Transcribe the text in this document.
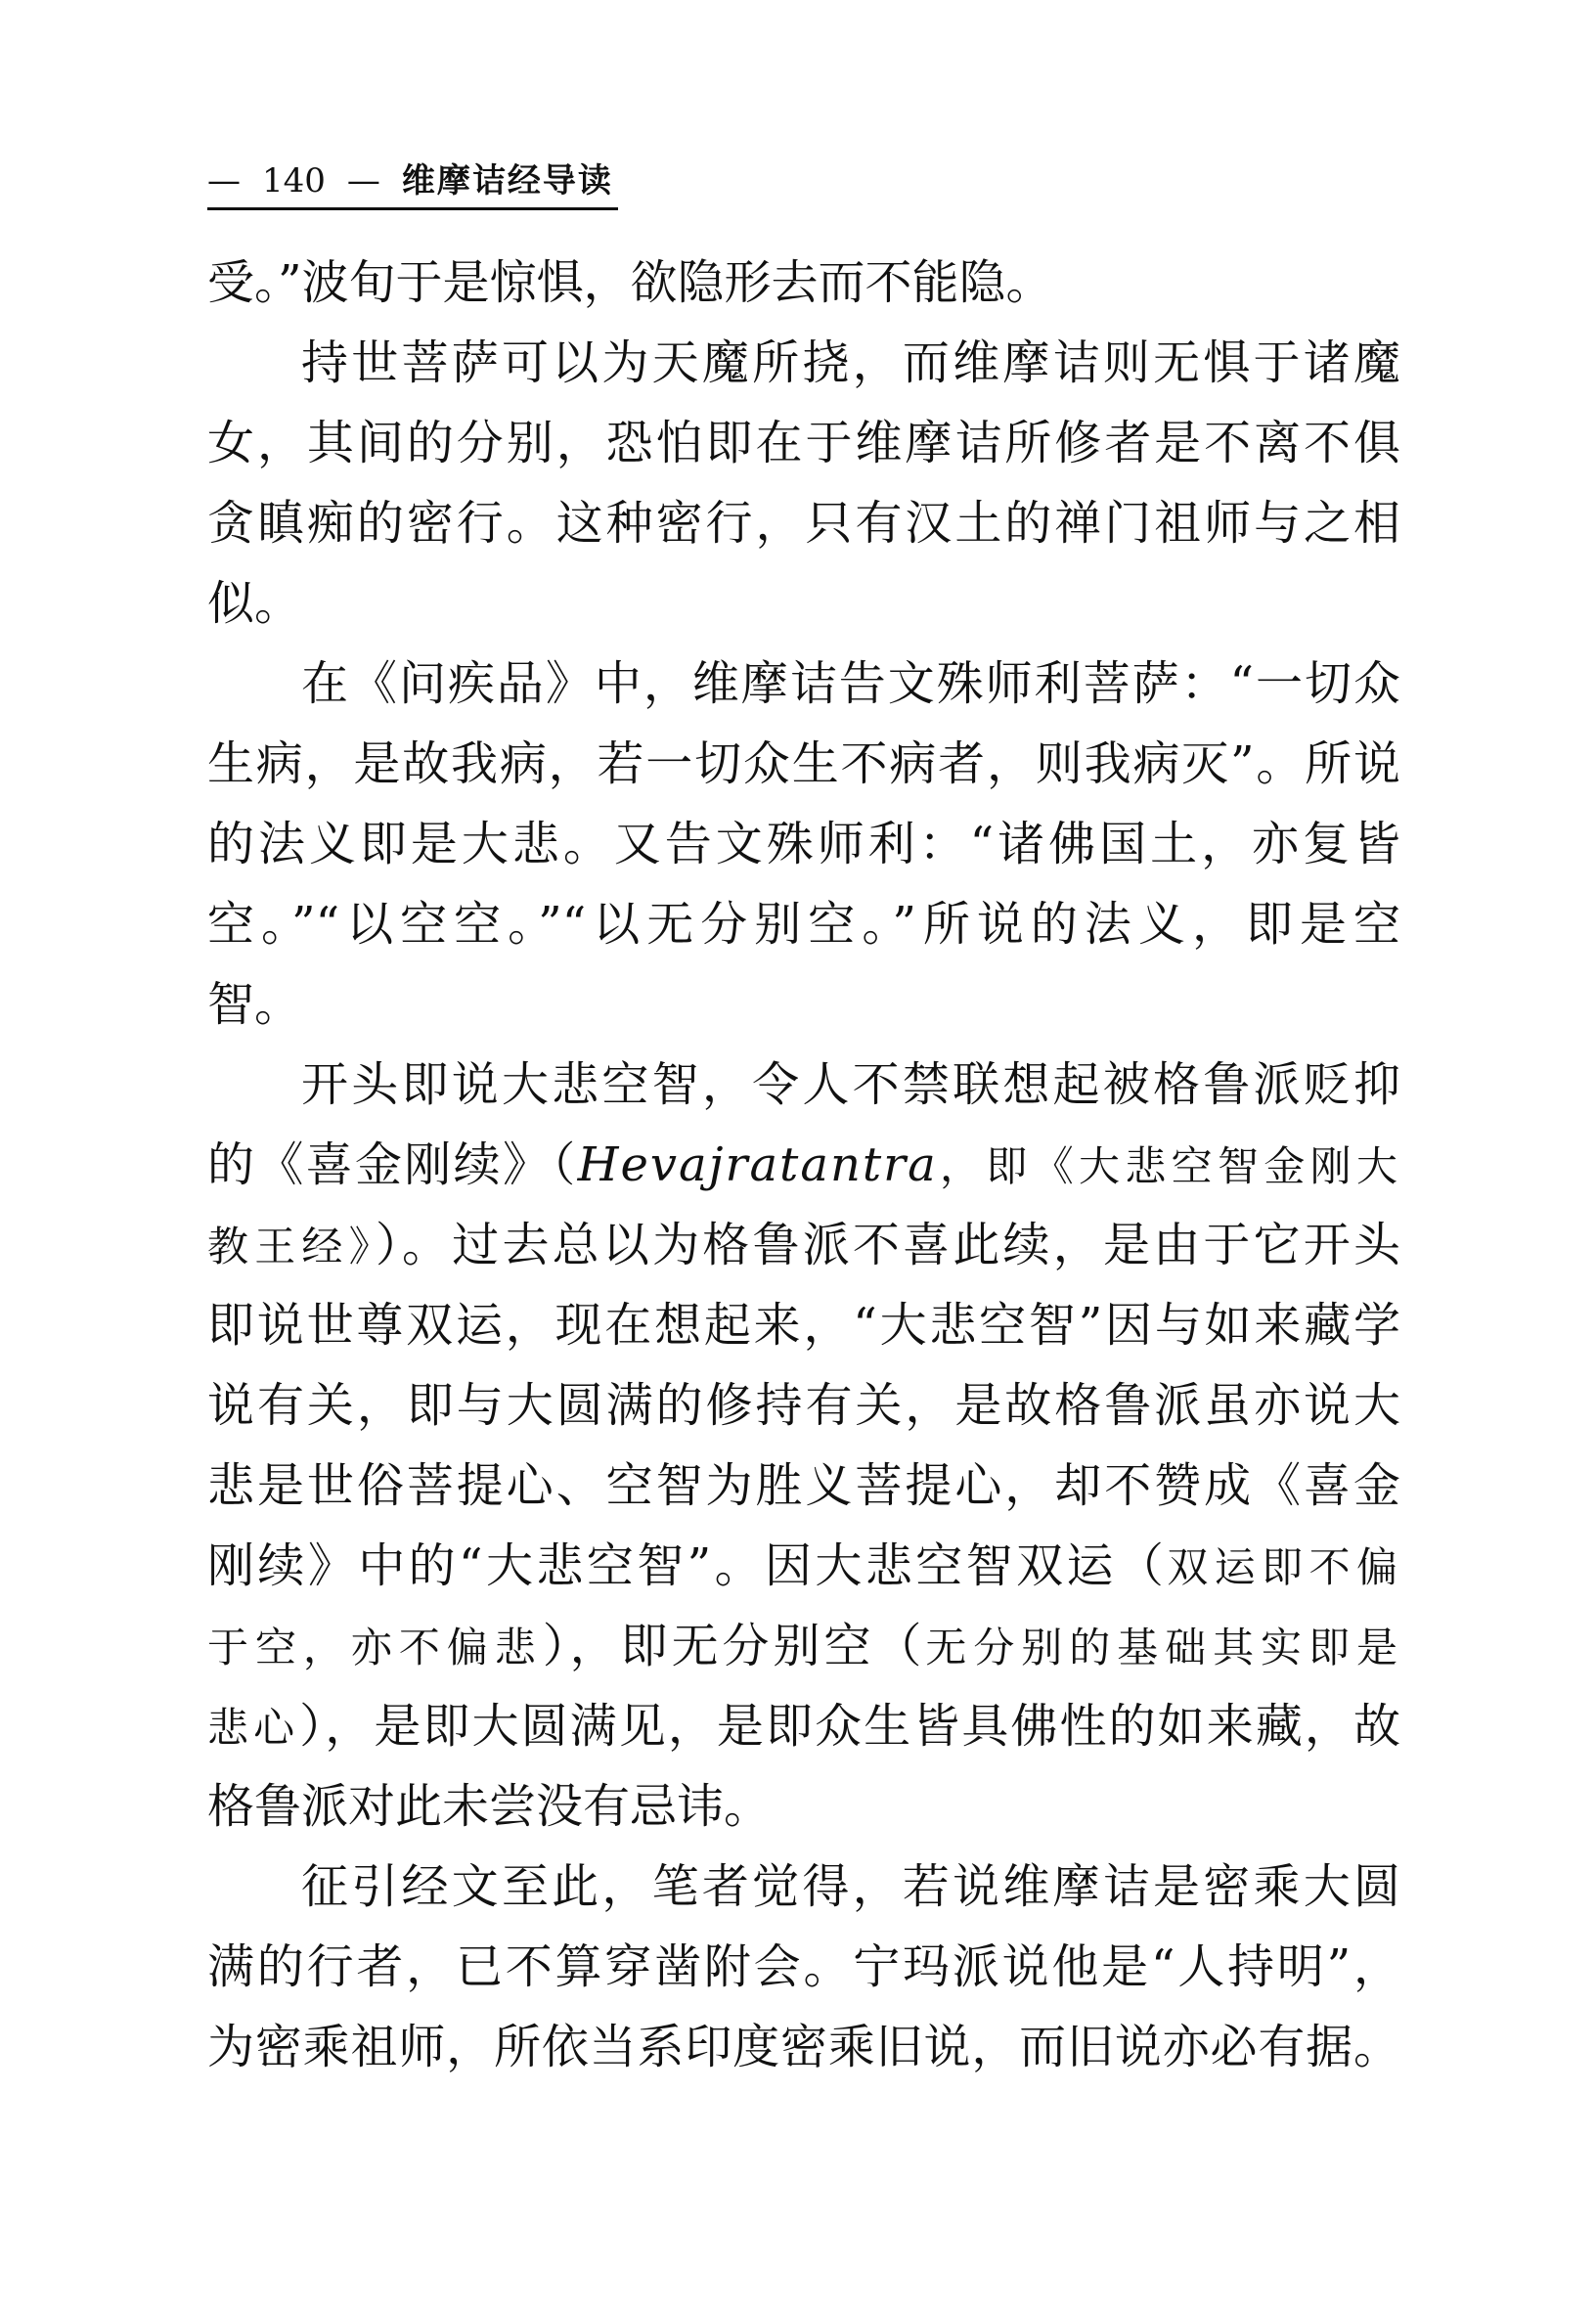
— 140 — 维摩诘经导读
受。”波旬于是惊惧，欲隐形去而不能隐。
持世菩萨可以为天魔所挠，而维摩诘则无惧于诸魔
女，其间的分别，恐怕即在于维摩诘所修者是不离不俱
贪瞋痴的密行。这种密行，只有汉土的禅门祖师与之相
似。
在《问疾品》中，维摩诘告文殊师利菩萨：“一切众
生病，是故我病，若一切众生不病者，则我病灭”。所说
的法义即是大悲。又告文殊师利：“诸佛国土，亦复皆
空。”“以空空。”“以无分别空。”所说的法义，即是空
智。
开头即说大悲空智，令人不禁联想起被格鲁派贬抑
的《喜金刚续》（Hevajratantra，即《大悲空智金刚大
教王经》）。过去总以为格鲁派不喜此续，是由于它开头
即说世尊双运，现在想起来，“大悲空智”因与如来藏学
说有关，即与大圆满的修持有关，是故格鲁派虽亦说大
悲是世俗菩提心、空智为胜义菩提心，却不赞成《喜金
刚续》中的“大悲空智”。因大悲空智双运（双运即不偏
于空，亦不偏悲），即无分别空（无分别的基础其实即是
悲心），是即大圆满见，是即众生皆具佛性的如来藏，故
格鲁派对此未尝没有忌讳。
征引经文至此，笔者觉得，若说维摩诘是密乘大圆
满的行者，已不算穿凿附会。宁玛派说他是“人持明”，
为密乘祖师，所依当系印度密乘旧说，而旧说亦必有据。
